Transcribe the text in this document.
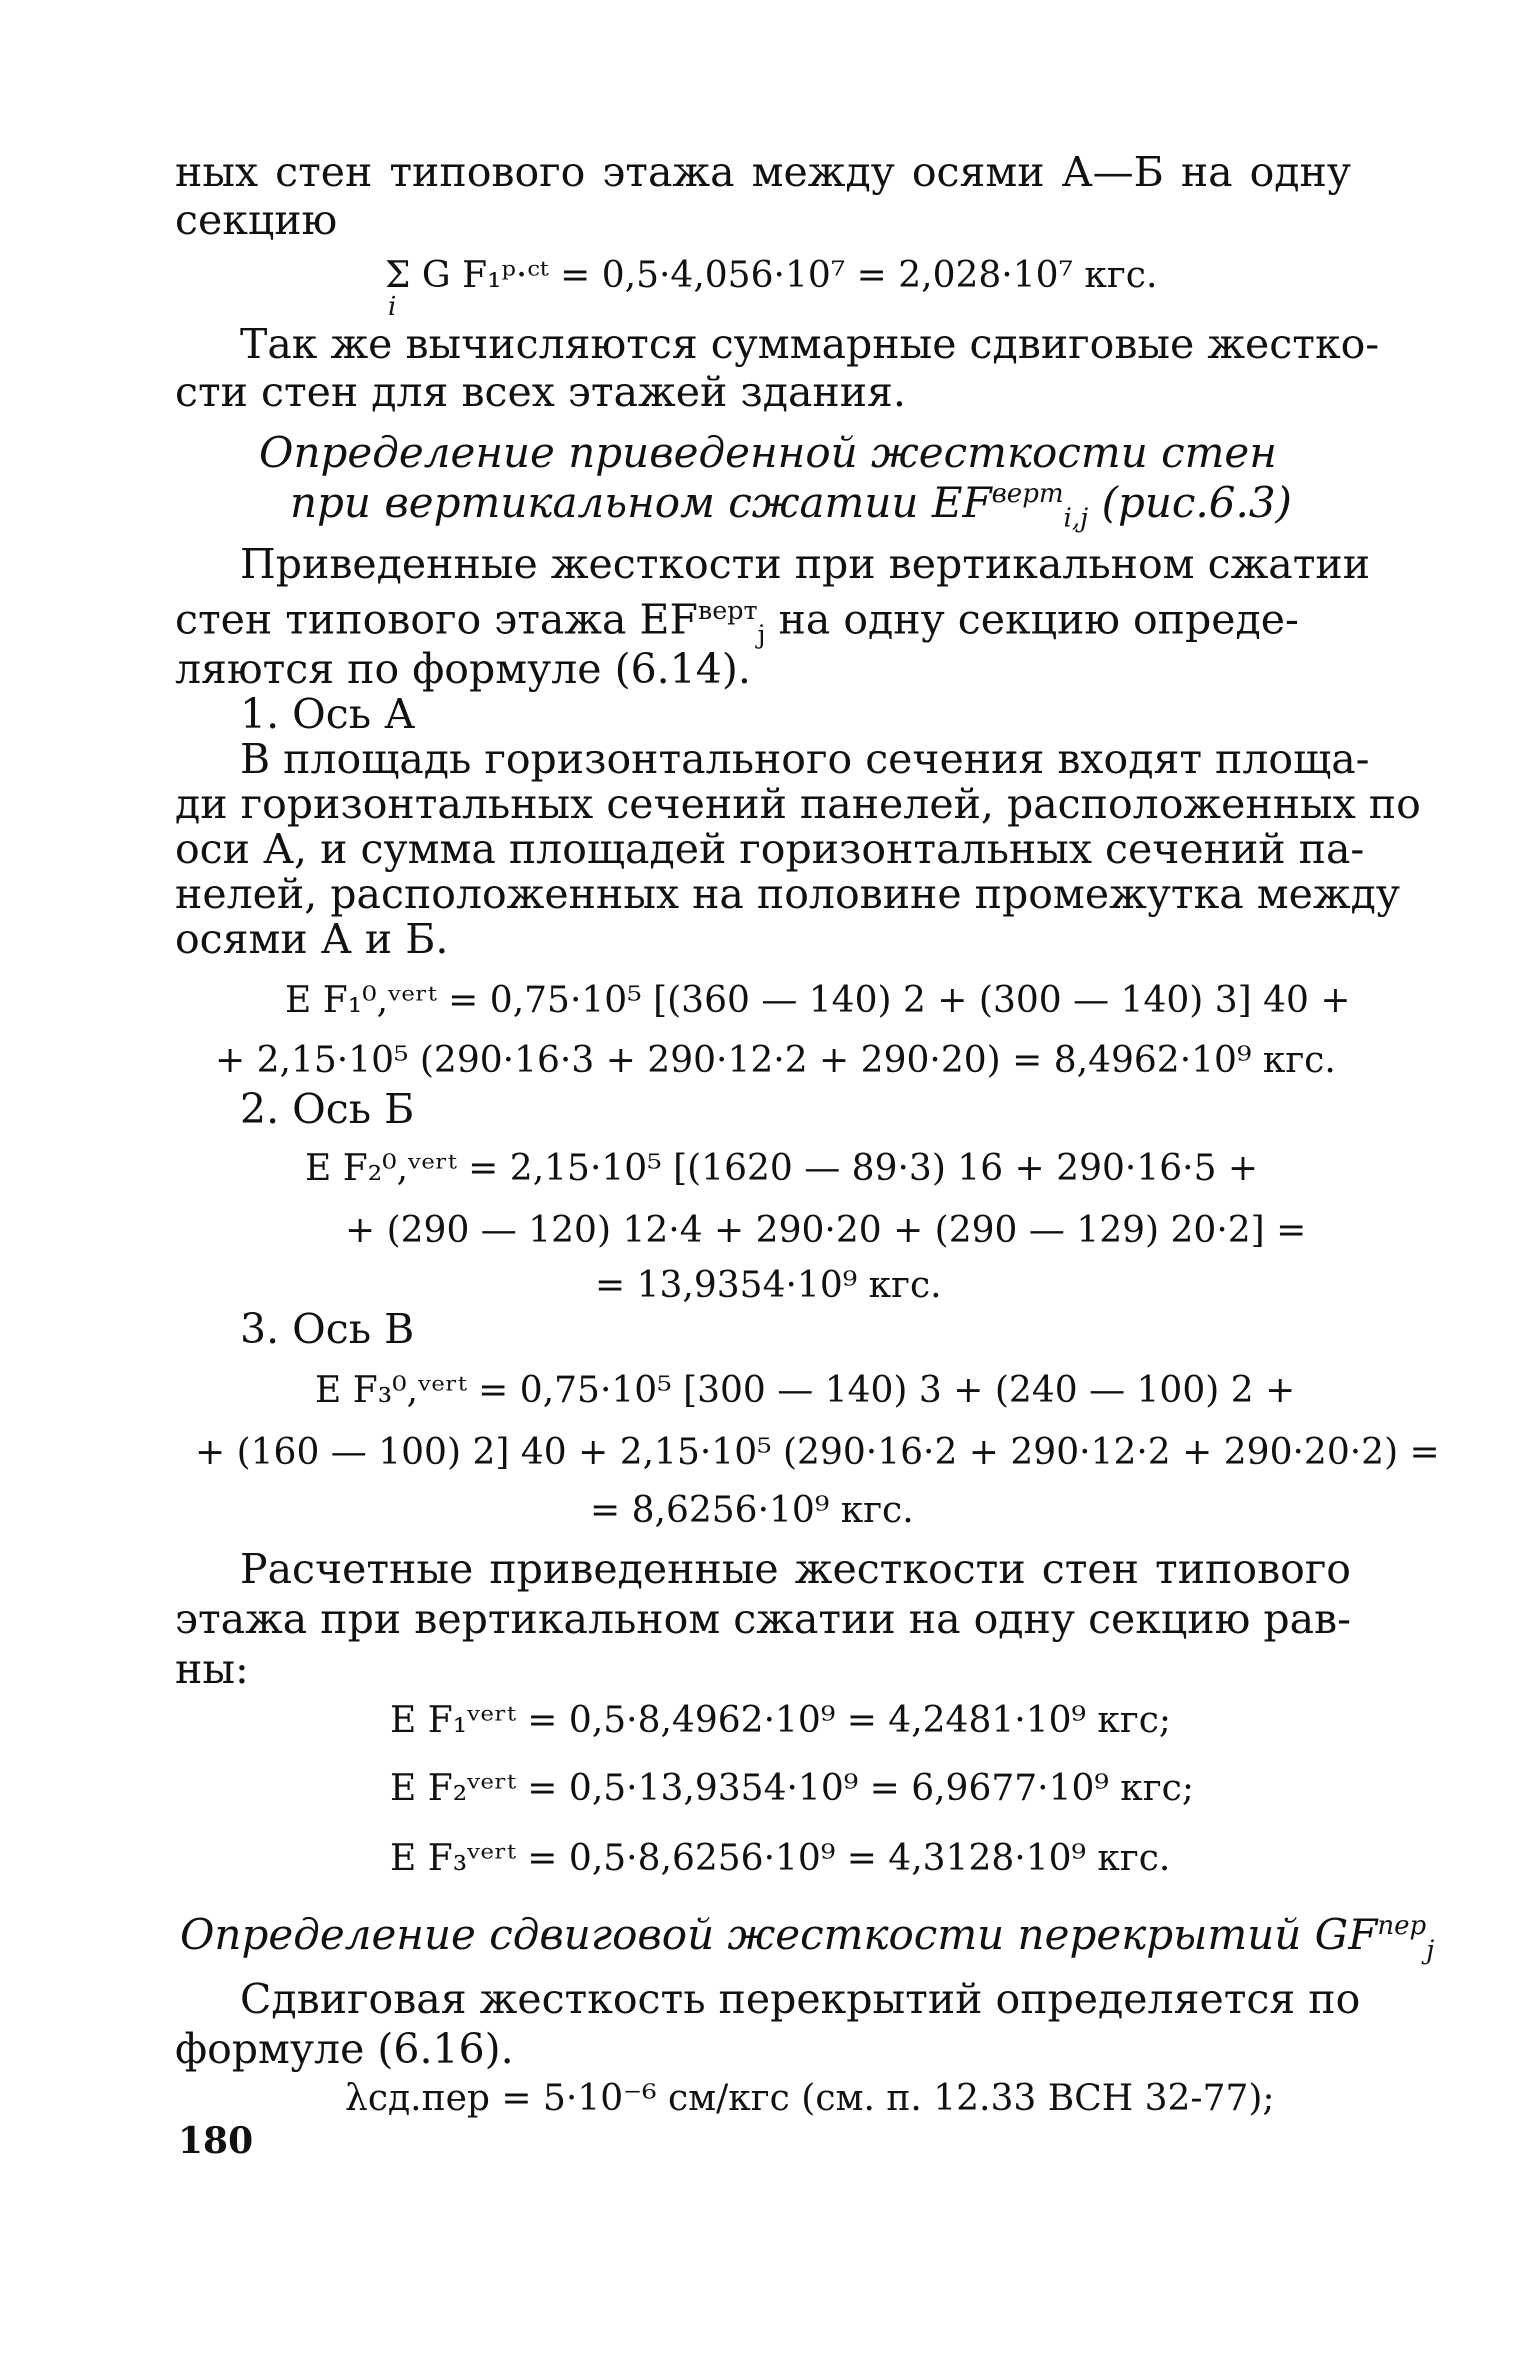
ных стен типового этажа между осями А—Б на одну
секцию
Σ G F₁ᵖ·ᶜᵗ = 0,5·4,056·10⁷ = 2,028·10⁷ кгс.
i
Так же вычисляются суммарные сдвиговые жестко-
сти стен для всех этажей здания.
Определение приведенной жесткости стен
при вертикальном сжатии $EF^{верт}_{i,j}$ (рис.6.3)
Приведенные жесткости при вертикальном сжатии
стен типового этажа $EF^{верт}_j$ на одну секцию опреде-
ляются по формуле (6.14).
1. Ось А
В площадь горизонтального сечения входят площа-
ди горизонтальных сечений панелей, расположенных по
оси А, и сумма площадей горизонтальных сечений па-
нелей, расположенных на половине промежутка между
осями А и Б.
E F₁⁰,ᵛᵉʳᵗ = 0,75·10⁵ [(360 — 140) 2 + (300 — 140) 3] 40 +
+ 2,15·10⁵ (290·16·3 + 290·12·2 + 290·20) = 8,4962·10⁹ кгс.
2. Ось Б
E F₂⁰,ᵛᵉʳᵗ = 2,15·10⁵ [(1620 — 89·3) 16 + 290·16·5 +
+ (290 — 120) 12·4 + 290·20 + (290 — 129) 20·2] =
= 13,9354·10⁹ кгс.
3. Ось В
E F₃⁰,ᵛᵉʳᵗ = 0,75·10⁵ [300 — 140) 3 + (240 — 100) 2 +
+ (160 — 100) 2] 40 + 2,15·10⁵ (290·16·2 + 290·12·2 + 290·20·2) =
= 8,6256·10⁹ кгс.
Расчетные приведенные жесткости стен типового
этажа при вертикальном сжатии на одну секцию рав-
ны:
E F₁ᵛᵉʳᵗ = 0,5·8,4962·10⁹ = 4,2481·10⁹ кгс;
E F₂ᵛᵉʳᵗ = 0,5·13,9354·10⁹ = 6,9677·10⁹ кгс;
E F₃ᵛᵉʳᵗ = 0,5·8,6256·10⁹ = 4,3128·10⁹ кгс.
Определение сдвиговой жесткости перекрытий $GF^{пер}_j$
Сдвиговая жесткость перекрытий определяется по
формуле (6.16).
λсд.пер = 5·10⁻⁶ см/кгс (см. п. 12.33 ВСН 32-77);
180
